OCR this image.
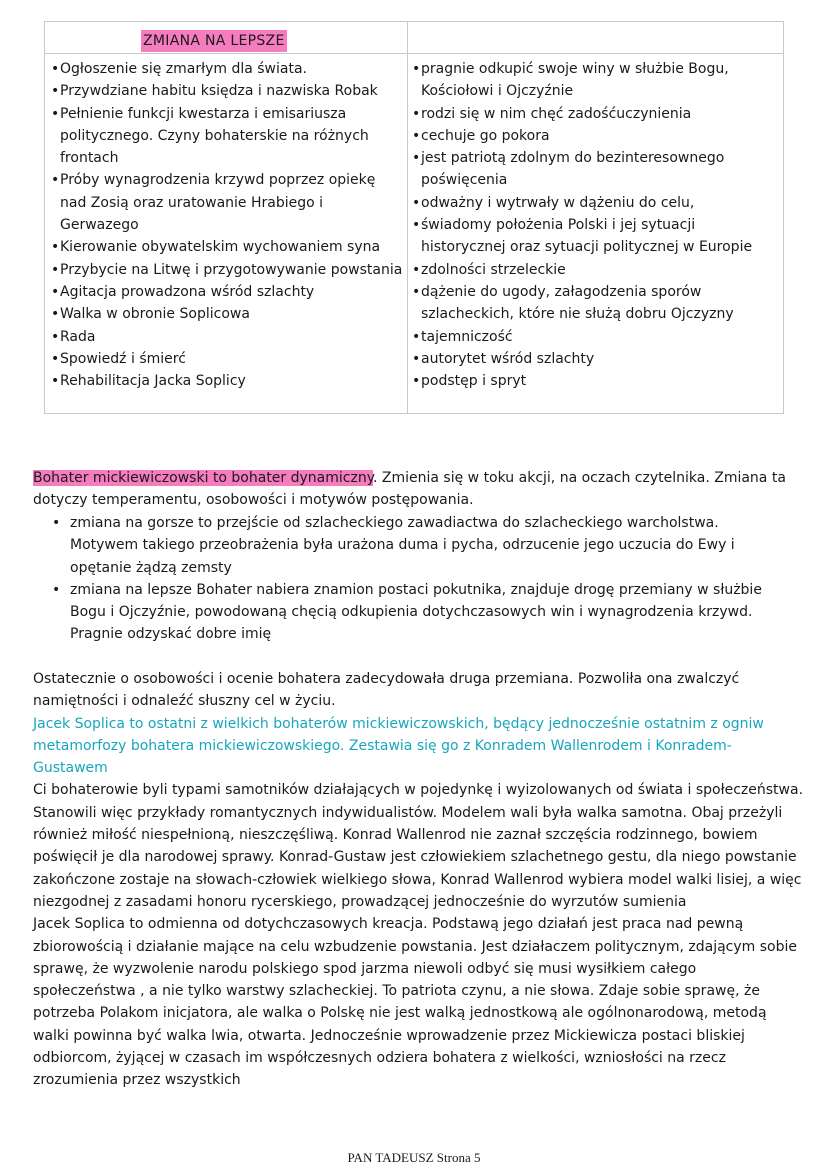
ZMIANA NA LEPSZE
• Ogłoszenie się zmarłym dla świata.
• Przywdziane habitu księdza i nazwiska Robak
• Pełnienie funkcji kwestarza i emisariusza politycznego. Czyny bohaterskie na różnych frontach
• Próby wynagrodzenia krzywd poprzez opiekę nad Zosią oraz uratowanie Hrabiego i Gerwazego
• Kierowanie obywatelskim wychowaniem syna
• Przybycie na Litwę i przygotowywanie powstania
• Agitacja prowadzona wśród szlachty
• Walka w obronie Soplicowa
• Rada
• Spowiedź i śmierć
• Rehabilitacja Jacka Soplicy
• pragnie odkupić swoje winy w służbie Bogu, Kościołowi i Ojczyźnie
• rodzi się w nim chęć zadośćuczynienia
• cechuje go pokora
• jest patriotą zdolnym do bezinteresownego poświęcenia
• odważny i wytrwały w dążeniu do celu,
• świadomy położenia Polski i jej sytuacji historycznej oraz sytuacji politycznej w Europie
• zdolności strzeleckie
• dążenie do ugody, załagodzenia sporów szlacheckich, które nie służą dobru Ojczyzny
• tajemniczość
• autorytet wśród szlachty
• podstęp i spryt
Bohater mickiewiczowski to bohater dynamiczny. Zmienia się w toku akcji, na oczach czytelnika. Zmiana ta dotyczy temperamentu, osobowości i motywów postępowania.
• zmiana na gorsze to przejście od szlacheckiego zawadiactwa do szlacheckiego warcholstwa. Motywem takiego przeobrażenia była urażona duma i pycha, odrzucenie jego uczucia do Ewy i opętanie żądzą zemsty
• zmiana na lepsze Bohater nabiera znamion postaci pokutnika, znajduje drogę przemiany w służbie Bogu i Ojczyźnie, powodowaną chęcią odkupienia dotychczasowych win i wynagrodzenia krzywd. Pragnie odzyskać dobre imię
Ostatecznie o osobowości i ocenie bohatera zadecydowała druga przemiana. Pozwoliła ona zwalczyć namiętności i odnaleźć słuszny cel w życiu.
Jacek Soplica to ostatni z wielkich bohaterów mickiewiczowskich, będący jednocześnie ostatnim z ogniw metamorfozy bohatera mickiewiczowskiego. Zestawia się go z Konradem Wallenrodem i Konradem-Gustawem
Ci bohaterowie byli typami samotników działających w pojedynkę i wyizolowanych od świata i społeczeństwa. Stanowili więc przykłady romantycznych indywidualistów. Modelem wali była walka samotna. Obaj przeżyli również miłość niespełnioną, nieszczęśliwą. Konrad Wallenrod nie zaznał szczęścia rodzinnego, bowiem poświęcił je dla narodowej sprawy. Konrad-Gustaw jest człowiekiem szlachetnego gestu, dla niego powstanie zakończone zostaje na słowach-człowiek wielkiego słowa, Konrad Wallenrod wybiera model walki lisiej, a więc niezgodnej z zasadami honoru rycerskiego, prowadzącej jednocześnie do wyrzutów sumienia
Jacek Soplica to odmienna od dotychczasowych kreacja. Podstawą jego działań jest praca nad pewną zbiorowością i działanie mające na celu wzbudzenie powstania. Jest działaczem politycznym, zdającym sobie sprawę, że wyzwolenie narodu polskiego spod jarzma niewoli odbyć się musi wysiłkiem całego społeczeństwa , a nie tylko warstwy szlacheckiej. To patriota czynu, a nie słowa. Zdaje sobie sprawę, że potrzeba Polakom inicjatora, ale walka o Polskę nie jest walką jednostkową ale ogólnonarodową, metodą walki powinna być walka lwia, otwarta. Jednocześnie wprowadzenie przez Mickiewicza postaci bliskiej odbiorcom, żyjącej w czasach im współczesnych odziera bohatera z wielkości, wzniosłości na rzecz zrozumienia przez wszystkich
PAN TADEUSZ Strona 5
